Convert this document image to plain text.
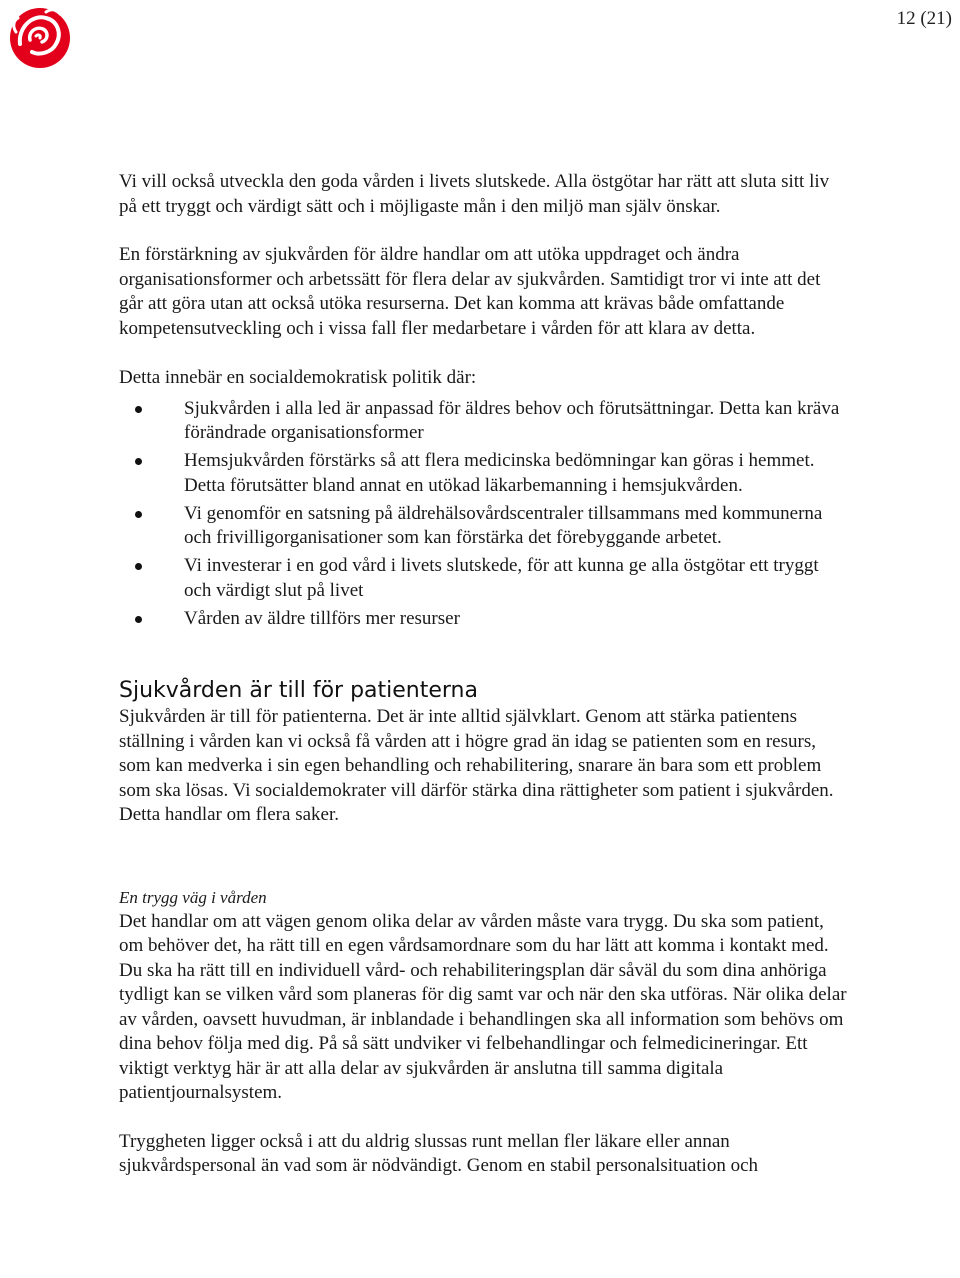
12 (21)

Vi vill också utveckla den goda vården i livets slutskede. Alla östgötar har rätt att sluta sitt liv på ett tryggt och värdigt sätt och i möjligaste mån i den miljö man själv önskar.

En förstärkning av sjukvården för äldre handlar om att utöka uppdraget och ändra organisationsformer och arbetssätt för flera delar av sjukvården. Samtidigt tror vi inte att det går att göra utan att också utöka resurserna. Det kan komma att krävas både omfattande kompetensutveckling och i vissa fall fler medarbetare i vården för att klara av detta.

Detta innebär en socialdemokratisk politik där:

Sjukvården i alla led är anpassad för äldres behov och förutsättningar. Detta kan kräva förändrade organisationsformer
Hemsjukvården förstärks så att flera medicinska bedömningar kan göras i hemmet. Detta förutsätter bland annat en utökad läkarbemanning i hemsjukvården.
Vi genomför en satsning på äldrehälsovårdscentraler tillsammans med kommunerna och frivilligorganisationer som kan förstärka det förebyggande arbetet.
Vi investerar i en god vård i livets slutskede, för att kunna ge alla östgötar ett tryggt och värdigt slut på livet
Vården av äldre tillförs mer resurser
Sjukvården är till för patienterna

Sjukvården är till för patienterna. Det är inte alltid självklart. Genom att stärka patientens ställning i vården kan vi också få vården att i högre grad än idag se patienten som en resurs, som kan medverka i sin egen behandling och rehabilitering, snarare än bara som ett problem som ska lösas. Vi socialdemokrater vill därför stärka dina rättigheter som patient i sjukvården. Detta handlar om flera saker.

En trygg väg i vården

Det handlar om att vägen genom olika delar av vården måste vara trygg. Du ska som patient, om behöver det, ha rätt till en egen vårdsamordnare som du har lätt att komma i kontakt med. Du ska ha rätt till en individuell vård- och rehabiliteringsplan där såväl du som dina anhöriga tydligt kan se vilken vård som planeras för dig samt var och när den ska utföras. När olika delar av vården, oavsett huvudman, är inblandade i behandlingen ska all information som behövs om dina behov följa med dig. På så sätt undviker vi felbehandlingar och felmedicineringar. Ett viktigt verktyg här är att alla delar av sjukvården är anslutna till samma digitala patientjournalsystem.

Tryggheten ligger också i att du aldrig slussas runt mellan fler läkare eller annan sjukvårdspersonal än vad som är nödvändigt. Genom en stabil personalsituation och
